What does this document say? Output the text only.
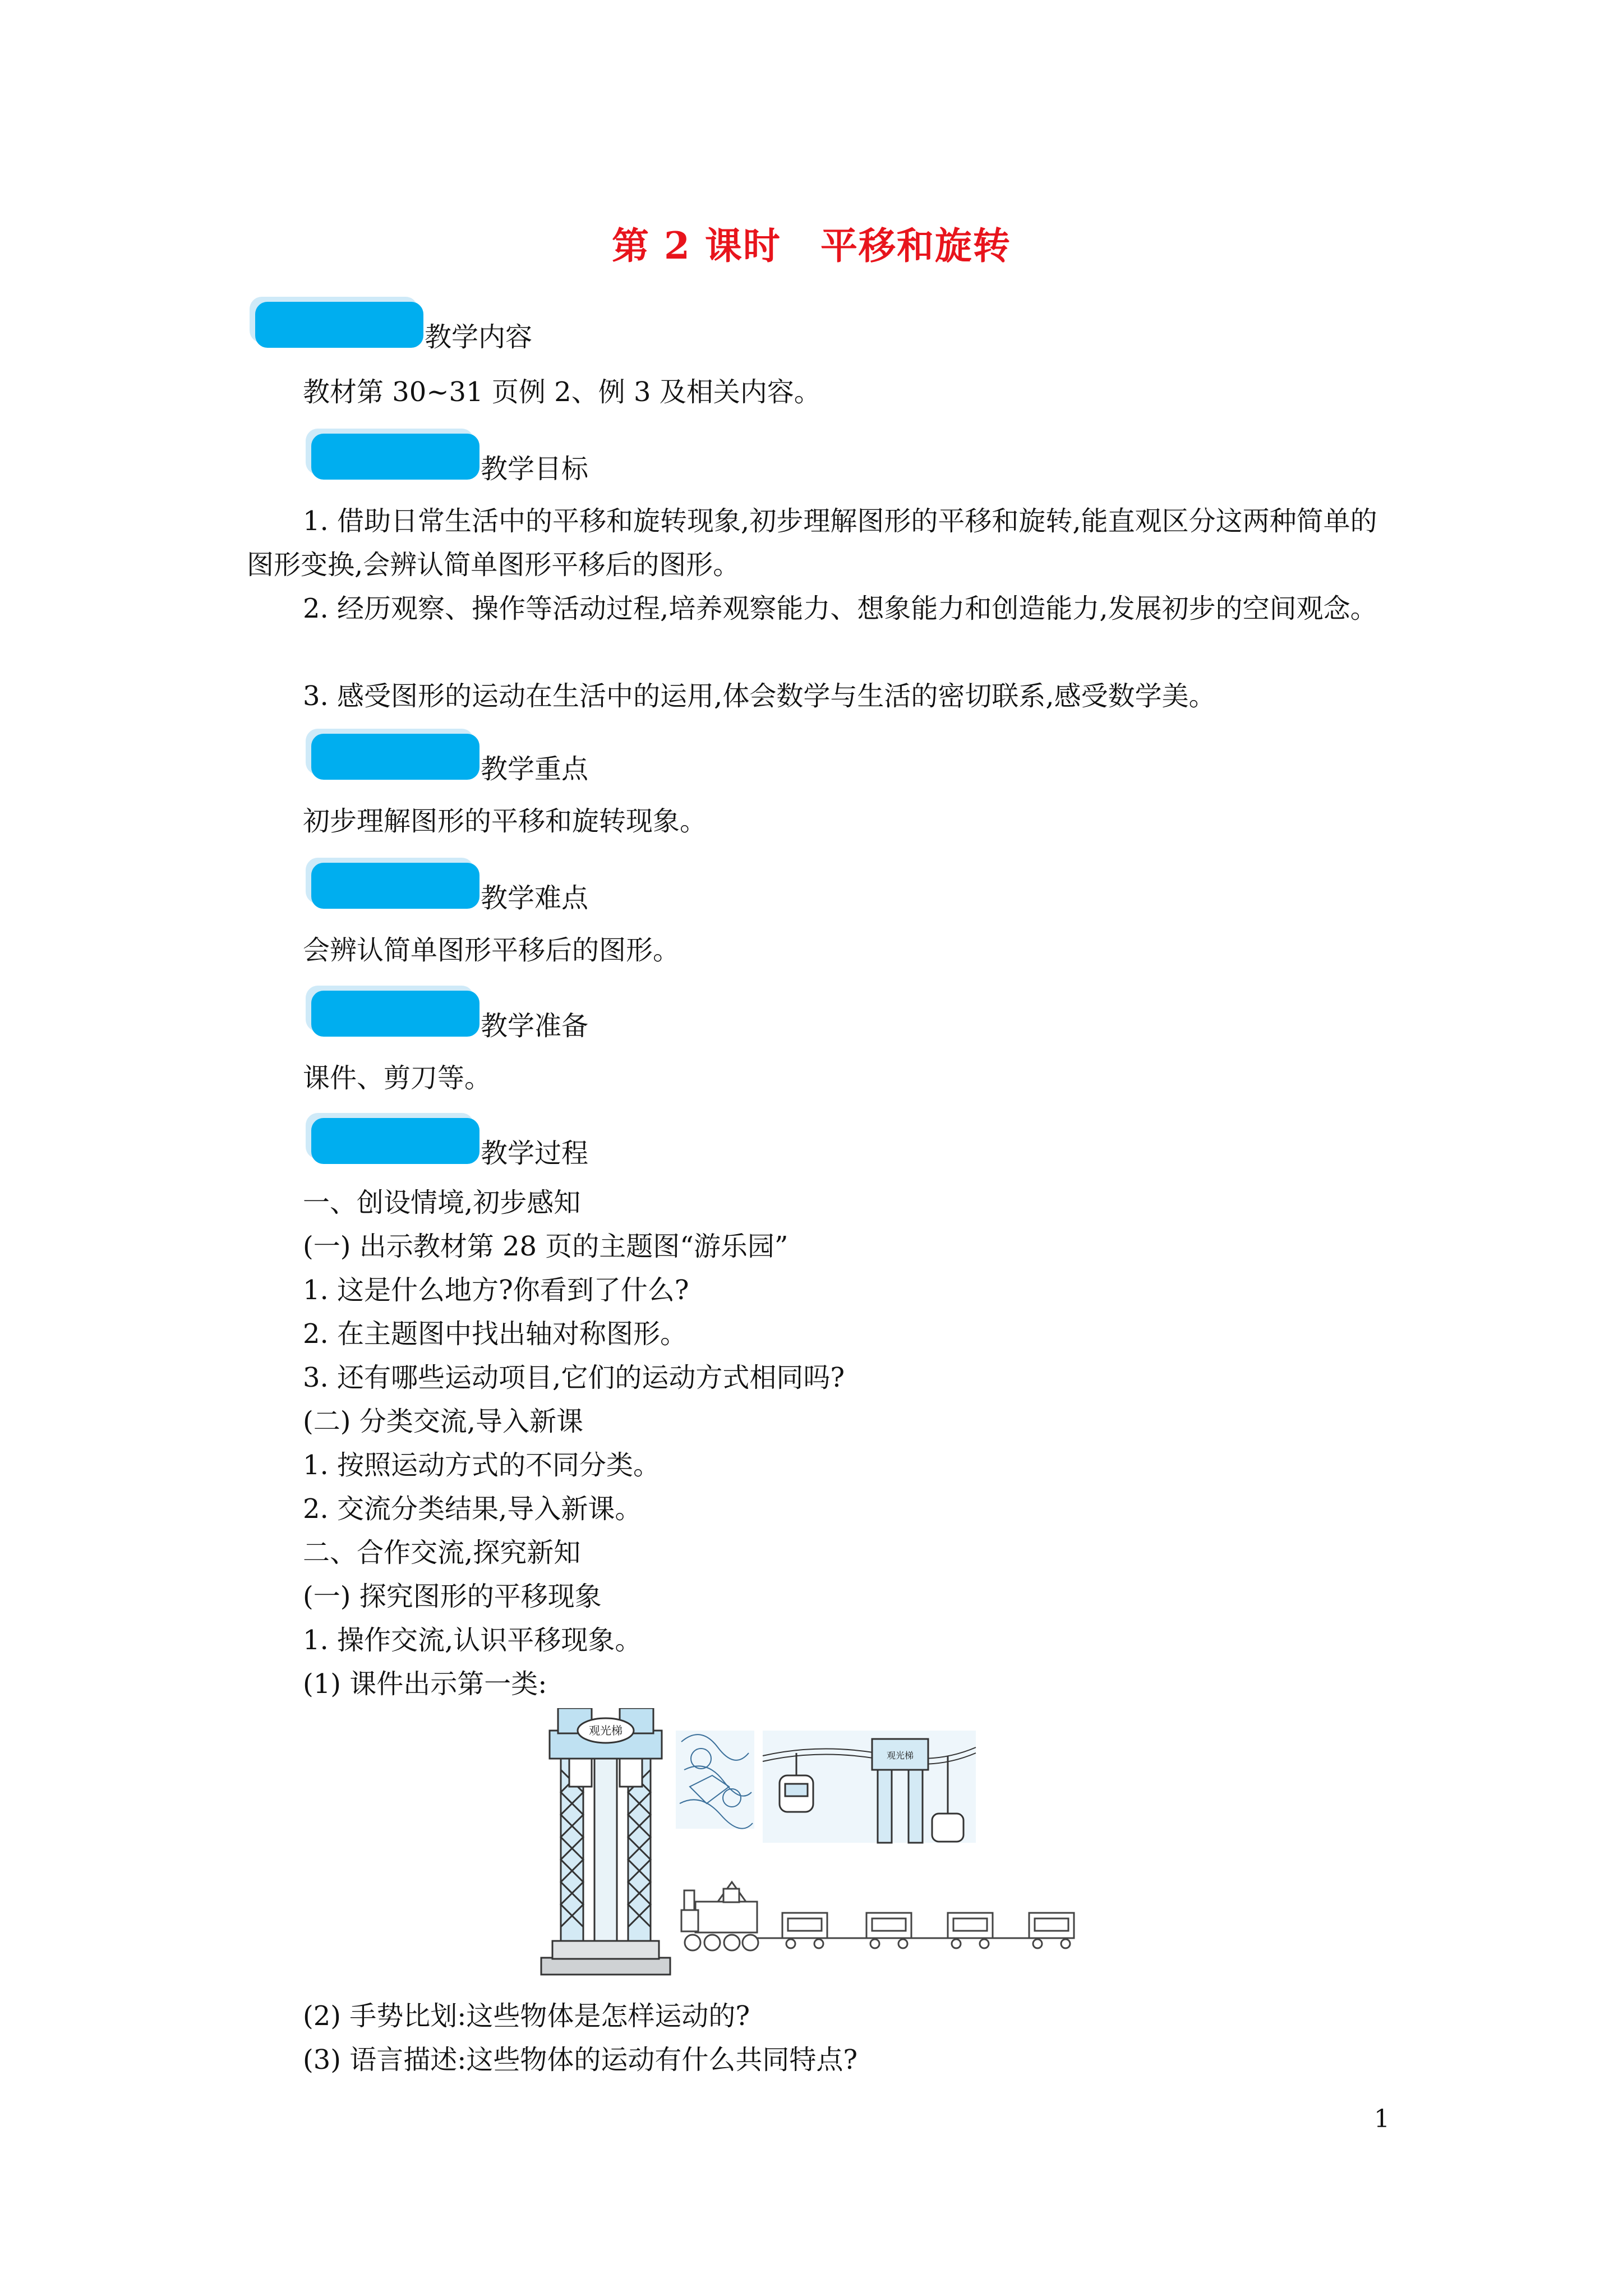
第 2 课时 平移和旋转
教学内容
教材第 30~31 页例 2、例 3 及相关内容。
教学目标
1. 借助日常生活中的平移和旋转现象,初步理解图形的平移和旋转,能直观区分这两种简单的图形变换,会辨认简单图形平移后的图形。
2. 经历观察、操作等活动过程,培养观察能力、想象能力和创造能力,发展初步的空间观念。
3. 感受图形的运动在生活中的运用,体会数学与生活的密切联系,感受数学美。
教学重点
初步理解图形的平移和旋转现象。
教学难点
会辨认简单图形平移后的图形。
教学准备
课件、剪刀等。
教学过程
一、创设情境,初步感知
(一) 出示教材第 28 页的主题图“游乐园”
1. 这是什么地方?你看到了什么?
2. 在主题图中找出轴对称图形。
3. 还有哪些运动项目,它们的运动方式相同吗?
(二) 分类交流,导入新课
1. 按照运动方式的不同分类。
2. 交流分类结果,导入新课。
二、合作交流,探究新知
(一) 探究图形的平移现象
1. 操作交流,认识平移现象。
(1) 课件出示第一类:
观光梯
观光梯
(2) 手势比划:这些物体是怎样运动的?
(3) 语言描述:这些物体的运动有什么共同特点?
1
